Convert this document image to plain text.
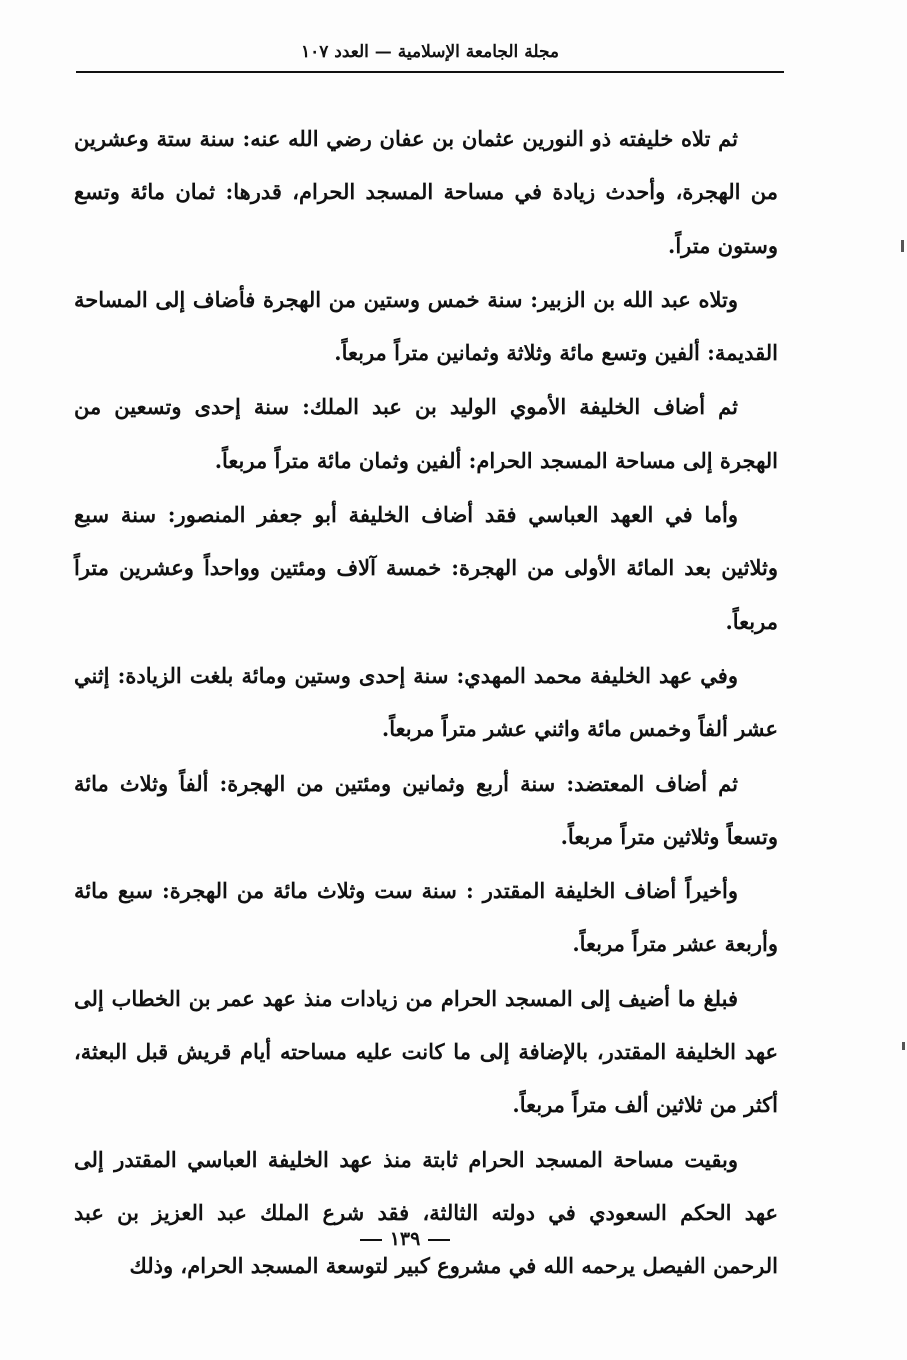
مجلة الجامعة الإسلامية — العدد ١٠٧

ثم تلاه خليفته ذو النورين عثمان بن عفان رضي الله عنه: سنة ستة وعشرين من الهجرة، وأحدث زيادة في مساحة المسجد الحرام، قدرها: ثمان مائة وتسع وستون متراً.

وتلاه عبد الله بن الزبير: سنة خمس وستين من الهجرة فأضاف إلى المساحة القديمة: ألفين وتسع مائة وثلاثة وثمانين متراً مربعاً.

ثم أضاف الخليفة الأموي الوليد بن عبد الملك: سنة إحدى وتسعين من الهجرة إلى مساحة المسجد الحرام: ألفين وثمان مائة متراً مربعاً.

وأما في العهد العباسي فقد أضاف الخليفة أبو جعفر المنصور: سنة سبع وثلاثين بعد المائة الأولى من الهجرة: خمسة آلاف ومئتين وواحداً وعشرين متراً مربعاً.

وفي عهد الخليفة محمد المهدي: سنة إحدى وستين ومائة بلغت الزيادة: إثني عشر ألفاً وخمس مائة واثني عشر متراً مربعاً.

ثم أضاف المعتضد: سنة أربع وثمانين ومئتين من الهجرة: ألفاً وثلاث مائة وتسعاً وثلاثين متراً مربعاً.

وأخيراً أضاف الخليفة المقتدر : سنة ست وثلاث مائة من الهجرة: سبع مائة وأربعة عشر متراً مربعاً.

فبلغ ما أضيف إلى المسجد الحرام من زيادات منذ عهد عمر بن الخطاب إلى عهد الخليفة المقتدر، بالإضافة إلى ما كانت عليه مساحته أيام قريش قبل البعثة، أكثر من ثلاثين ألف متراً مربعاً.

وبقيت مساحة المسجد الحرام ثابتة منذ عهد الخليفة العباسي المقتدر إلى عهد الحكم السعودي في دولته الثالثة، فقد شرع الملك عبد العزيز بن عبد الرحمن الفيصل يرحمه الله في مشروع كبير لتوسعة المسجد الحرام، وذلك

١٣٩
